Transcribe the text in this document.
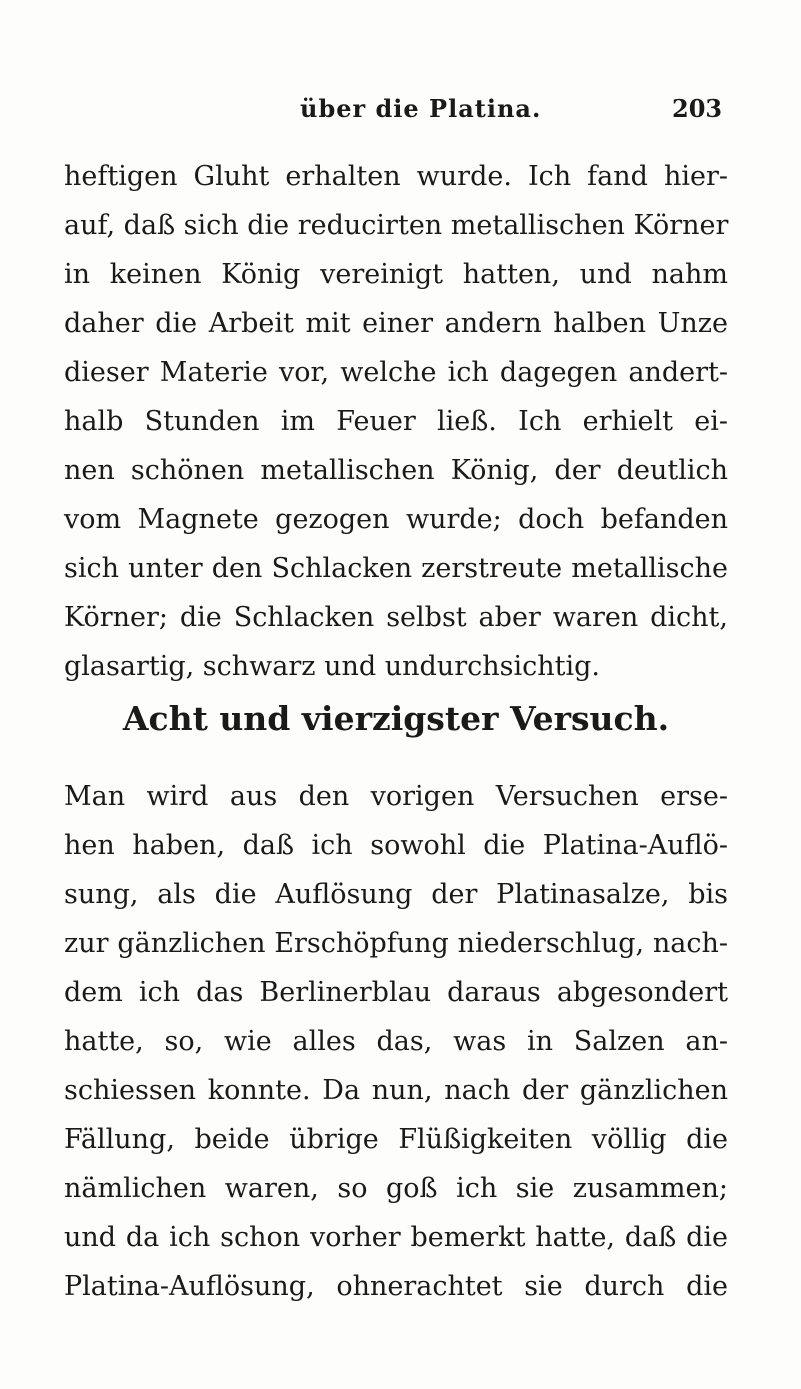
über die Platina.	203
heftigen Gluht erhalten wurde. Ich fand hier-
auf, daß sich die reducirten metallischen Körner
in keinen König vereinigt hatten, und nahm
daher die Arbeit mit einer andern halben Unze
dieser Materie vor, welche ich dagegen andert-
halb Stunden im Feuer ließ. Ich erhielt ei-
nen schönen metallischen König, der deutlich
vom Magnete gezogen wurde; doch befanden
sich unter den Schlacken zerstreute metallische
Körner; die Schlacken selbst aber waren dicht,
glasartig, schwarz und undurchsichtig.
Acht und vierzigster Versuch.
Man wird aus den vorigen Versuchen erse-
hen haben, daß ich sowohl die Platina-Auflö-
sung, als die Auflösung der Platinasalze, bis
zur gänzlichen Erschöpfung niederschlug, nach-
dem ich das Berlinerblau daraus abgesondert
hatte, so, wie alles das, was in Salzen an-
schiessen konnte. Da nun, nach der gänzlichen
Fällung, beide übrige Flüßigkeiten völlig die
nämlichen waren, so goß ich sie zusammen;
und da ich schon vorher bemerkt hatte, daß die
Platina-Auflösung, ohnerachtet sie durch die
